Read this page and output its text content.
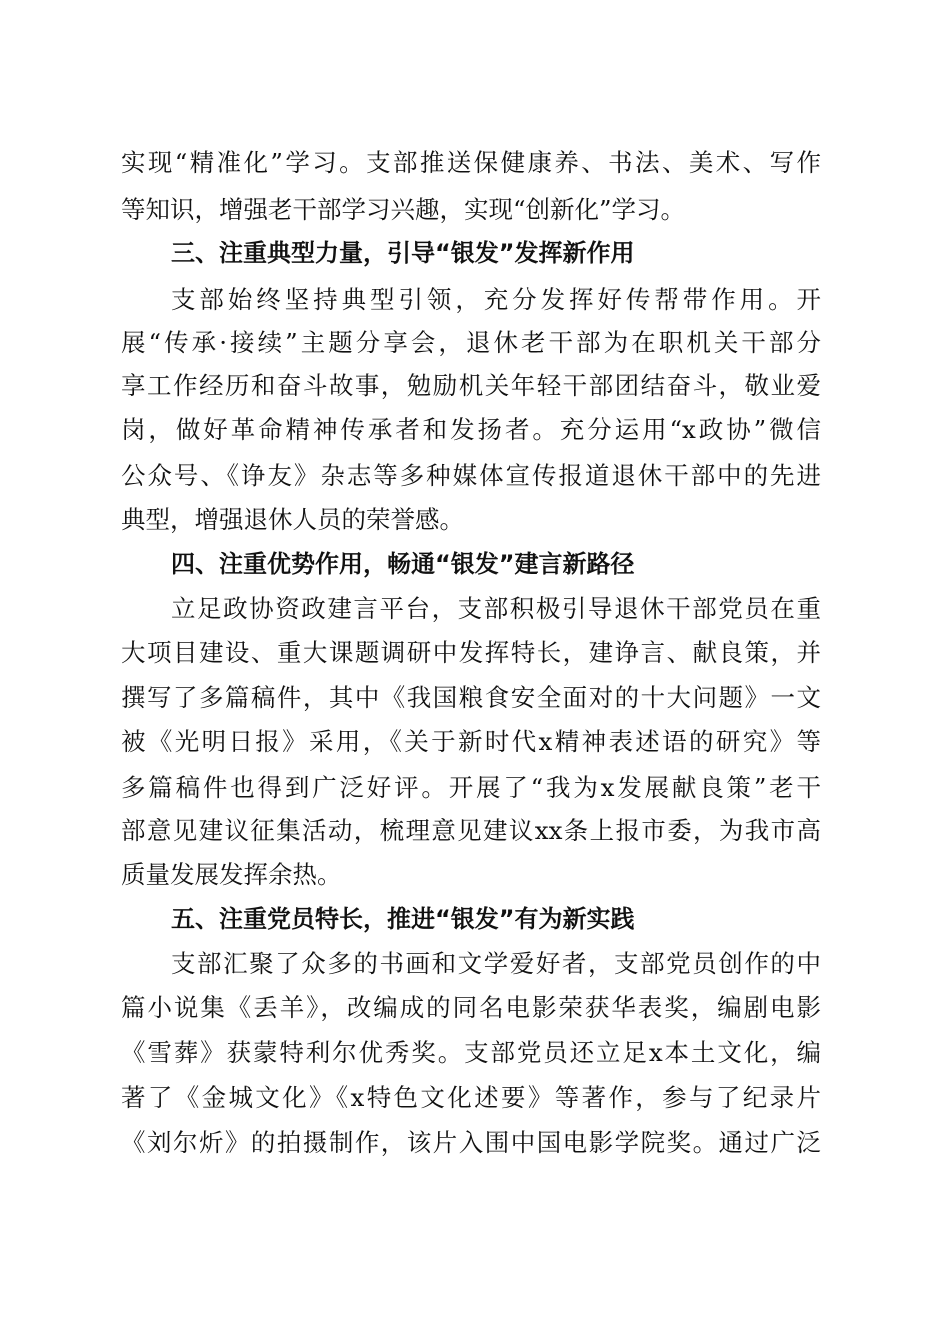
实现“精准化”学习。支部推送保健康养、书法、美术、写作
等知识，增强老干部学习兴趣，实现“创新化”学习。
三、注重典型力量，引导“银发”发挥新作用
支部始终坚持典型引领，充分发挥好传帮带作用。开
展“传承·接续”主题分享会，退休老干部为在职机关干部分
享工作经历和奋斗故事，勉励机关年轻干部团结奋斗，敬业爱
岗，做好革命精神传承者和发扬者。充分运用“x政协”微信
公众号、《诤友》杂志等多种媒体宣传报道退休干部中的先进
典型，增强退休人员的荣誉感。
四、注重优势作用，畅通“银发”建言新路径
立足政协资政建言平台，支部积极引导退休干部党员在重
大项目建设、重大课题调研中发挥特长，建诤言、献良策，并
撰写了多篇稿件，其中《我国粮食安全面对的十大问题》一文
被《光明日报》采用，《关于新时代x精神表述语的研究》等
多篇稿件也得到广泛好评。开展了“我为x发展献良策”老干
部意见建议征集活动，梳理意见建议xx条上报市委，为我市高
质量发展发挥余热。
五、注重党员特长，推进“银发”有为新实践
支部汇聚了众多的书画和文学爱好者，支部党员创作的中
篇小说集《丢羊》，改编成的同名电影荣获华表奖，编剧电影
《雪葬》获蒙特利尔优秀奖。支部党员还立足x本土文化，编
著了《金城文化》《x特色文化述要》等著作，参与了纪录片
《刘尔炘》的拍摄制作，该片入围中国电影学院奖。通过广泛
